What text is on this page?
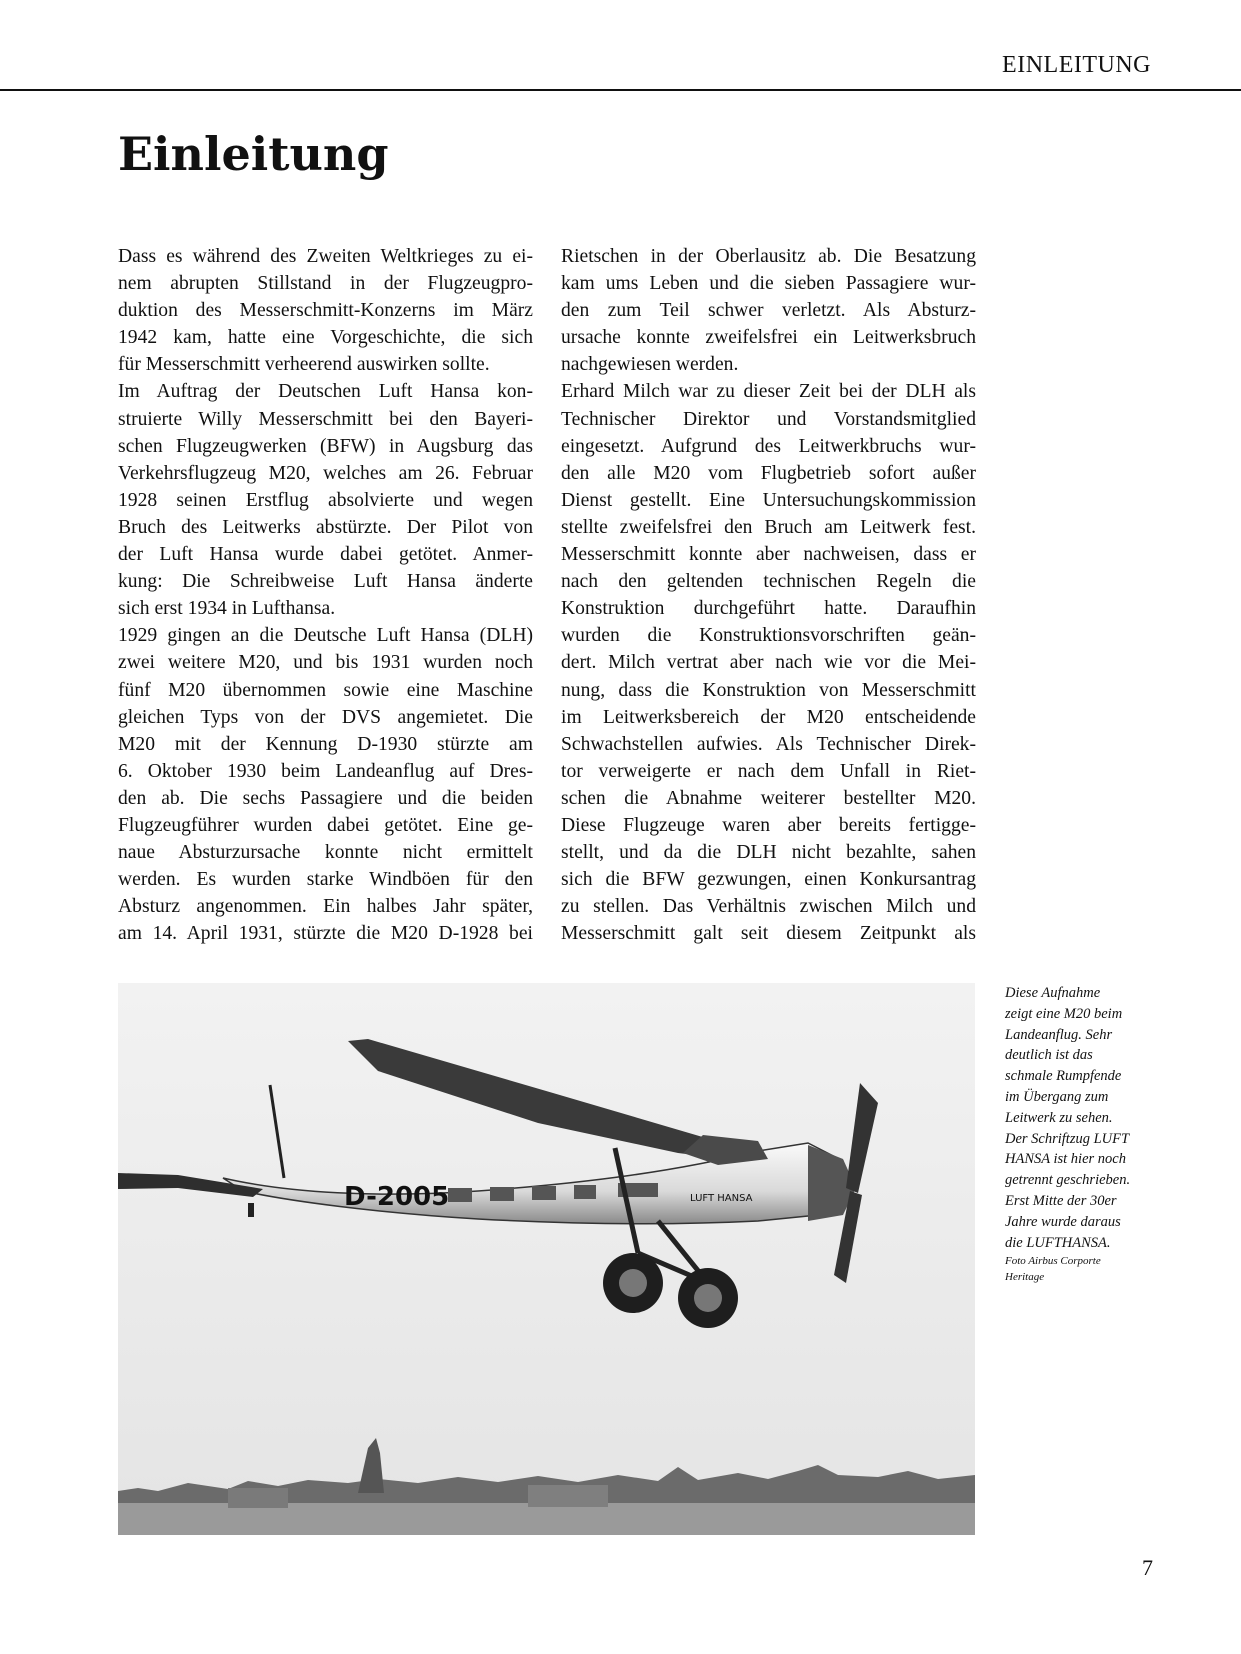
EINLEITUNG
Einleitung
Dass es während des Zweiten Weltkrieges zu ei-
nem abrupten Stillstand in der Flugzeugpro-
duktion des Messerschmitt-Konzerns im März
1942 kam, hatte eine Vorgeschichte, die sich
für Messerschmitt verheerend auswirken sollte.
Im Auftrag der Deutschen Luft Hansa kon-
struierte Willy Messerschmitt bei den Bayeri-
schen Flugzeugwerken (BFW) in Augsburg das
Verkehrsflugzeug M20, welches am 26. Februar
1928 seinen Erstflug absolvierte und wegen
Bruch des Leitwerks abstürzte. Der Pilot von
der Luft Hansa wurde dabei getötet. Anmer-
kung: Die Schreibweise Luft Hansa änderte
sich erst 1934 in Lufthansa.
1929 gingen an die Deutsche Luft Hansa (DLH)
zwei weitere M20, und bis 1931 wurden noch
fünf M20 übernommen sowie eine Maschine
gleichen Typs von der DVS angemietet. Die
M20 mit der Kennung D-1930 stürzte am
6. Oktober 1930 beim Landeanflug auf Dres-
den ab. Die sechs Passagiere und die beiden
Flugzeugführer wurden dabei getötet. Eine ge-
naue Absturzursache konnte nicht ermittelt
werden. Es wurden starke Windböen für den
Absturz angenommen. Ein halbes Jahr später,
am 14. April 1931, stürzte die M20 D-1928 bei
Rietschen in der Oberlausitz ab. Die Besatzung
kam ums Leben und die sieben Passagiere wur-
den zum Teil schwer verletzt. Als Absturz-
ursache konnte zweifelsfrei ein Leitwerksbruch
nachgewiesen werden.
Erhard Milch war zu dieser Zeit bei der DLH als
Technischer Direktor und Vorstandsmitglied
eingesetzt. Aufgrund des Leitwerkbruchs wur-
den alle M20 vom Flugbetrieb sofort außer
Dienst gestellt. Eine Untersuchungskommission
stellte zweifelsfrei den Bruch am Leitwerk fest.
Messerschmitt konnte aber nachweisen, dass er
nach den geltenden technischen Regeln die
Konstruktion durchgeführt hatte. Daraufhin
wurden die Konstruktionsvorschriften geän-
dert. Milch vertrat aber nach wie vor die Mei-
nung, dass die Konstruktion von Messerschmitt
im Leitwerksbereich der M20 entscheidende
Schwachstellen aufwies. Als Technischer Direk-
tor verweigerte er nach dem Unfall in Riet-
schen die Abnahme weiterer bestellter M20.
Diese Flugzeuge waren aber bereits fertigge-
stellt, und da die DLH nicht bezahlte, sahen
sich die BFW gezwungen, einen Konkursantrag
zu stellen. Das Verhältnis zwischen Milch und
Messerschmitt galt seit diesem Zeitpunkt als
D-2005	LUFT HANSA
Diese Aufnahme
zeigt eine M20 beim
Landeanflug. Sehr
deutlich ist das
schmale Rumpfende
im Übergang zum
Leitwerk zu sehen.
Der Schriftzug LUFT
HANSA ist hier noch
getrennt geschrieben.
Erst Mitte der 30er
Jahre wurde daraus
die LUFTHANSA.
Foto Airbus Corporte
Heritage
7
